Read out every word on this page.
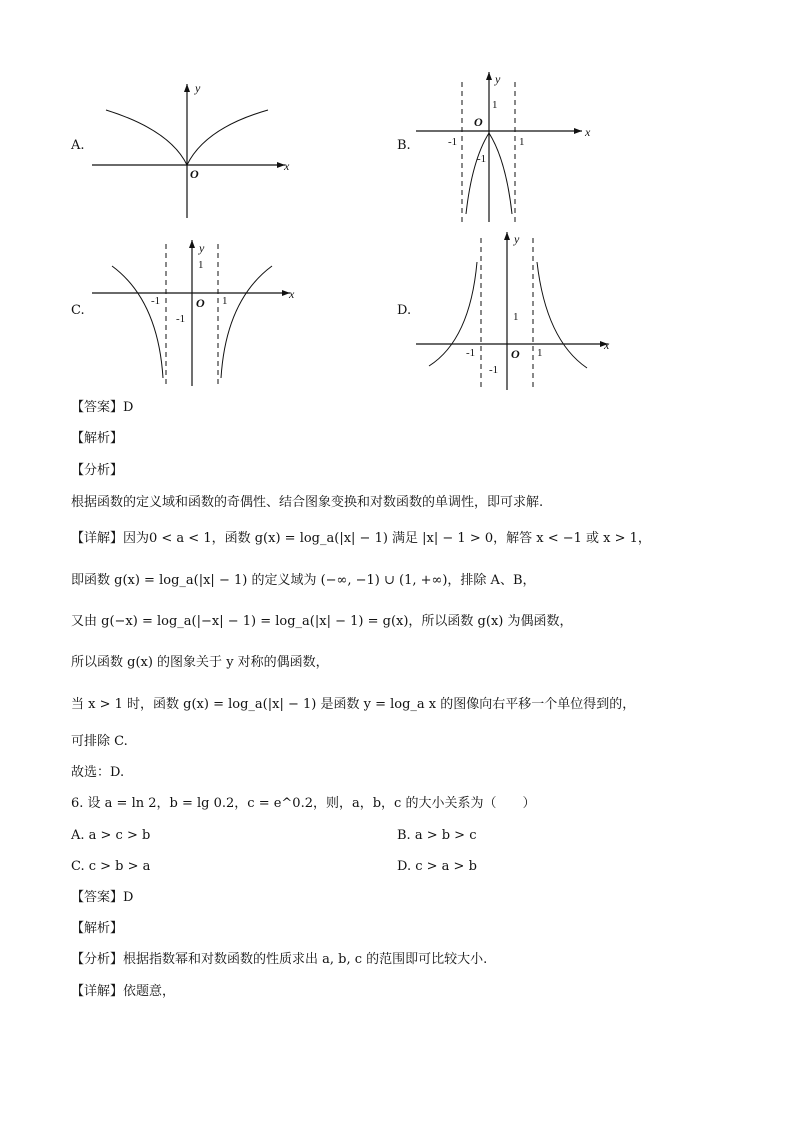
A.
y
x
O
B.
y
x
O
1
-1	1
-1
C.
y
x
O
1
-1	1
-1
D.
y
x
O
1
-1	1
-1
【答案】D
【解析】
【分析】
根据函数的定义域和函数的奇偶性、结合图象变换和对数函数的单调性，即可求解.
【详解】因为0 < a < 1，函数 g(x) = log_a(|x| − 1) 满足 |x| − 1 > 0，解答 x < −1 或 x > 1，
即函数 g(x) = log_a(|x| − 1) 的定义域为 (−∞, −1) ∪ (1, +∞)，排除 A、B，
又由 g(−x) = log_a(|−x| − 1) = log_a(|x| − 1) = g(x)，所以函数 g(x) 为偶函数，
所以函数 g(x) 的图象关于 y 对称的偶函数，
当 x > 1 时，函数 g(x) = log_a(|x| − 1) 是函数 y = log_a x 的图像向右平移一个单位得到的，
可排除 C.
故选：D.
6. 设 a = ln 2，b = lg 0.2，c = e^0.2，则，a，b，c 的大小关系为（　　）
A. a > c > b	B. a > b > c
C. c > b > a	D. c > a > b
【答案】D
【解析】
【分析】根据指数幂和对数函数的性质求出 a, b, c 的范围即可比较大小.
【详解】依题意，
